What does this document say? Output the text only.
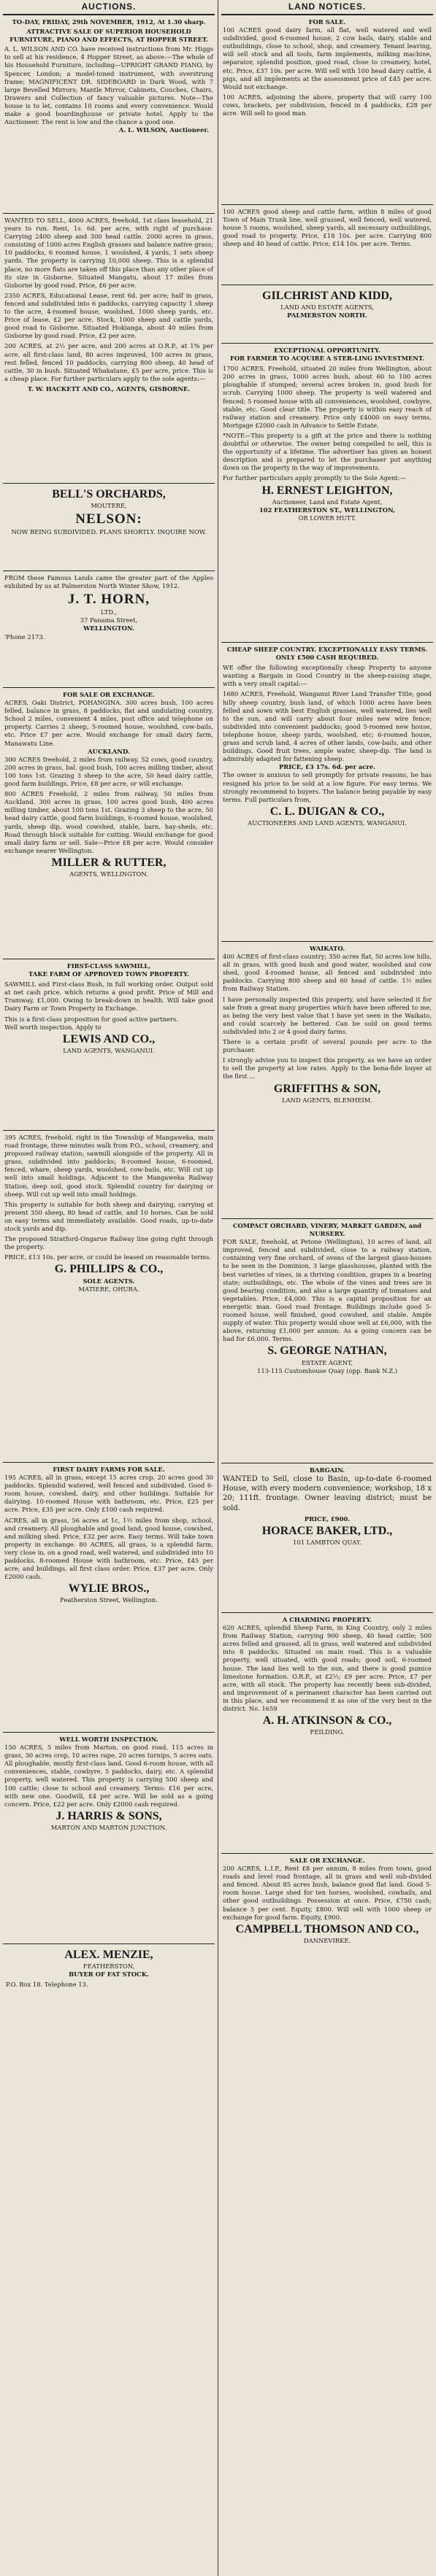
AUCTIONS.

TO-DAY, FRIDAY, 29th NOVEMBER, 1912, At 1.30 sharp.

ATTRACTIVE SALE OF SUPERIOR HOUSEHOLD FURNITURE, PIANO AND EFFECTS, AT HOPPER STREET.

A. L. WILSON AND CO. have received instructions from Mr. Higgs to sell at his residence, 4 Hopper Street, as above:—The whole of his Household Furniture, including—UPRIGHT GRAND PIANO, by Spencer, London; a model-toned instrument, with overstrung frame; MAGNIFICENT DR. SIDEBOARD in Dark Wood, with 7 large Bevelled Mirrors; Mantle Mirror, Cabinets, Couches, Chairs, Drawers and Collection of fancy valuable pictures. Note—The house is to let, contains 10 rooms and every convenience. Would make a good boardinghouse or private hotel. Apply to the Auctioneer. The rent is low and the chance a good one.

A. L. WILSON, Auctioneer.

WANTED TO SELL, 4000 ACRES, freehold, 1st class leasehold, 21 years to run. Rent, 1s. 6d. per acre, with right of purchase. Carrying 2400 sheep and 300 head cattle. 2000 acres in grass, consisting of 1000 acres English grasses and balance native grass; 10 paddocks, 6 roomed house, 1 woolshed, 4 yards, 1 sets sheep yards. The property is carrying 10,000 sheep. This is a splendid place, no more flats are taken off this place than any other place of its size in Gisborne. Situated Mangatu, about 17 miles from Gisborne by good road. Price, £6 per acre.

2350 ACRES, Educational Lease, rent 6d. per acre; half in grass, fenced and subdivided into 6 paddocks, carrying capacity 1 sheep to the acre, 4-roomed house, woolshed, 1000 sheep yards, etc. Price of lease, £2 per acre. Stock, 1000 sheep and cattle yards, good road to Gisborne. Situated Hokianga, about 40 miles from Gisborne by good road. Price, £2 per acre.

200 ACRES, at 2½ per acre, and 200 acres at O.R.P., at 1% per acre, all first-class land, 80 acres improved, 100 acres in grass, rest felled, fenced 10 paddocks, carrying 800 sheep, 40 head of cattle, 30 in bush. Situated Whakatane, £5 per acre, price. This is a cheap place. For further particulars apply to the sole agents:—

T. W. HACKETT AND CO., AGENTS, GISBORNE.

BELL'S ORCHARDS,

MOUTERE,

NELSON:

NOW BEING SUBDIVIDED. PLANS SHORTLY. INQUIRE NOW.

FROM these Famous Lands came the greater part of the Apples exhibited by us at Palmerston North Winter Show, 1912.

J. T. HORN,

LTD.,

37 Panama Street,

WELLINGTON.

'Phone 2173.

FOR SALE OR EXCHANGE.

ACRES, Oaki District, POHANGINA. 300 acres bush, 100 acres felled, balance in grass, 8 paddocks, flat and undulating country. School 2 miles, convenient 4 miles, post office and telephone on property. Carries 2 sheep, 5-roomed house, woolshed, cow-bails, etc. Price £7 per acre. Would exchange for small dairy farm, Manawatu Line.

AUCKLAND.

300 ACRES freehold, 2 miles from railway, 52 cows, good country, 200 acres in grass, bal. good bush, 100 acres milling timber, about 100 tons 1st. Grazing 3 sheep to the acre, 50 head dairy cattle, good farm buildings. Price, £8 per acre, or will exchange.

800 ACRES Freehold, 2 miles from railway, 50 miles from Auckland. 300 acres in grass, 100 acres good bush, 400 acres milling timber, about 100 tons 1st. Grazing 3 sheep to the acre, 50 head dairy cattle, good farm buildings, 6-roomed house, woolshed, yards, sheep dip, wood cowshed, stable, barn, hay-sheds, etc. Road through block suitable for cutting. Would exchange for good small dairy farm or sell. Sale—Price £8 per acre. Would consider exchange nearer Wellington.

MILLER & RUTTER,

AGENTS, WELLINGTON.

FIRST-CLASS SAWMILL,

TAKE FARM OF APPROVED TOWN PROPERTY.

SAWMILL and First-class Bush, in full working order. Output sold at net cash price, which returns a good profit. Price of Mill and Tramway, £1,000. Owing to break-down in health. Will take good Dairy Farm or Town Property in Exchange.

This is a first-class proposition for good active partners.

Well worth inspection. Apply to

LEWIS AND CO.,

LAND AGENTS, WANGANUI.

395 ACRES, freehold, right in the Township of Mangaweka, main road frontage, three minutes walk from P.O., school, creamery, and proposed railway station; sawmill alongside of the property. All in grass, subdivided into paddocks; 8-roomed house, 6-roomed, fenced, whare, sheep yards, woolshed, cow-bails, etc. Will cut up well into small holdings. Adjacent to the Mangaweka Railway Station, deep soil, good stock. Splendid country for dairying or sheep. Will cut up well into small holdings.

This property is suitable for both sheep and dairying, carrying at present 350 sheep, 80 head of cattle, and 10 horses. Can be sold on easy terms and immediately available. Good roads, up-to-date stock yards and dip.

The proposed Stratford-Ongarue Railway line going right through the property.

PRICE, £13 10s. per acre, or could be leased on reasonable terms.

G. PHILLIPS & CO.,

SOLE AGENTS.

MATIERE, OHURA.

FIRST DAIRY FARMS FOR SALE.

195 ACRES, all in grass, except 15 acres crop, 20 acres good 30 paddocks. Splendid watered, well fenced and subdivided. Good 6-room house, cowshed, dairy, and other buildings. Suitable for dairying. 10-roomed House with bathroom, etc. Price, £25 per acre. Price, £35 per acre. Only £100 cash required.

ACRES, all in grass, 56 acres at 1c, 1½ miles from shop, school, and creamery. All ploughable and good land, good house, cowshed, and milking shed. Price, £32 per acre. Easy terms. Will take town property in exchange. 80 ACRES, all grass, is a splendid farm, very close in, on a good road, well watered, and subdivided into 10 paddocks. 8-roomed House with bathroom, etc. Price, £45 per acre; and buildings, all first class order. Price, £37 per acre. Only £2000 cash.

WYLIE BROS.,

Featherston Street, Wellington.

WELL WORTH INSPECTION.

150 ACRES, 5 miles from Marton, on good road, 115 acres in grass, 30 acres crop, 10 acres rape, 20 acres turnips, 5 acres oats. All ploughable, mostly first-class land. Good 6-room house, with all conveniences, stable, cowbyre, 5 paddocks, dairy, etc. A splendid property, well watered. This property is carrying 500 sheep and 100 cattle; close to school and creamery. Terms: £16 per acre, with new one. Goodwill, £4 per acre. Will be sold as a going concern. Price, £22 per acre. Only £2000 cash required.

J. HARRIS & SONS,

MARTON AND MARTON JUNCTION.

ALEX. MENZIE,

FEATHERSTON,

BUYER OF FAT STOCK.

P.O. Box 18. Telephone 13.

LAND NOTICES.

FOR SALE.

100 ACRES good dairy farm, all flat, well watered and well subdivided, good 6-roomed house, 2 cow bails, dairy, stable and outbuildings, close to school, shop, and creamery. Tenant leaving, will sell stock and all tools, farm implements, milking machine, separator, splendid position, good road, close to creamery, hotel, etc. Price, £37 10s. per acre. Will sell with 100 head dairy cattle, 4 pigs, and all implements at the assessment price of £45 per acre. Would not exchange.

100 ACRES, adjoining the above, property that will carry 100 cows, brackets, per subdivision, fenced in 4 paddocks, £28 per acre. Will sell to good man.

100 ACRES good sheep and cattle farm, within 8 miles of good Town of Main Trunk line, well grassed, well fenced, well watered, house 5 rooms, woolshed, sheep yards, all necessary outbuildings, good road to property. Price, £18 10s. per acre. Carrying 800 sheep and 40 head of cattle. Price, £14 10s. per acre. Terms.

GILCHRIST AND KIDD,

LAND AND ESTATE AGENTS,

PALMERSTON NORTH.

EXCEPTIONAL OPPORTUNITY.

FOR FARMER TO ACQUIRE A STER-LING INVESTMENT.

1700 ACRES, Freehold, situated 20 miles from Wellington, about 200 acres in grass, 1000 acres bush, about 60 to 100 acres ploughable if stumped; several acres broken in, good bush for scrub. Carrying 1000 sheep. The property is well watered and fenced; 5 roomed house with all conveniences, woolshed, cowbyre, stable, etc. Good clear title. The property is within easy reach of railway station and creamery. Price only £4000 on easy terms. Mortgage £2000 cash in Advance to Settle Estate.

*NOTE—This property is a gift at the price and there is nothing doubtful or otherwise. The owner being compelled to sell, this is the opportunity of a lifetime. The advertiser has given an honest description and is prepared to let the purchaser put anything down on the property in the way of improvements.

For further particulars apply promptly to the Sole Agent:—

H. ERNEST LEIGHTON,

Auctioneer, Land and Estate Agent,

102 FEATHERSTON ST., WELLINGTON,

OR LOWER HUTT.

CHEAP SHEEP COUNTRY. EXCEPTIONALLY EASY TERMS. ONLY £500 CASH REQUIRED.

WE offer the following exceptionally cheap Property to anyone wanting a Bargain in Good Country in the sheep-raising stage, with a very small capital:—

1680 ACRES, Freehold, Wanganui River Land Transfer Title; good hilly sheep country, bush land, of which 1000 acres have been felled and sown with best English grasses, well watered, lies well to the sun, and will carry about four miles new wire fence; subdivided into convenient paddocks; good 5-roomed new house, telephone house, sheep yards, woolshed, etc; 6-roomed house, grass and scrub land, 4 acres of other lands, cow-bails, and other buildings. Good fruit trees, ample water, sheep-dip. The land is admirably adapted for fattening sheep.

PRICE, £3 17s. 6d. per acre.

The owner is anxious to sell promptly for private reasons, he has resigned his price to be sold at a low figure. For easy terms. We strongly recommend to buyers. The balance being payable by easy terms. Full particulars from,

C. L. DUIGAN & CO.,

AUCTIONEERS AND LAND AGENTS, WANGANUI.

WAIKATO.

400 ACRES of first-class country; 350 acres flat, 50 acres low hills, all in grass, with good bush and good water, woolshed and cow shed, good 4-roomed house, all fenced and subdivided into paddocks. Carrying 800 sheep and 60 head of cattle. 1½ miles from Railway Station.

I have personally inspected this property, and have selected it for sale from a great many properties which have been offered to me, as being the very best value that I have yet seen in the Waikato, and could scarcely be bettered. Can be sold on good terms subdivided into 2 or 4 good dairy farms.

There is a certain profit of several pounds per acre to the purchaser.

I strongly advise you to inspect this property, as we have an order to sell the property at low rates. Apply to the bona-fide buyer at the first ...

GRIFFITHS & SON,

LAND AGENTS, BLENHEIM.

COMPACT ORCHARD, VINERY, MARKET GARDEN, and NURSERY.

FOR SALE, freehold, at Petone (Wellington), 10 acres of land, all improved, fenced and subdivided, close to a railway station, containing very fine orchard, of ovens of the largest glass-houses to be seen in the Dominion, 3 large glasshouses, planted with the best varieties of vines, in a thriving condition, grapes in a bearing state; outbuildings, etc. The whole of the vines and trees are in good bearing condition, and also a large quantity of tomatoes and vegetables. Price, £4,000. This is a capital proposition for an energetic man. Good road frontage. Buildings include good 5-roomed house, well finished, good cowshed, and stable. Ample supply of water. This property would show well at £6,000, with the above, returning £1,000 per annum. As a going concern can be had for £6,000. Terms.

S. GEORGE NATHAN,

ESTATE AGENT,

113-115 Customhouse Quay (opp. Bank N.Z.)

BARGAIN.

WANTED to Sell, close to Basin, up-to-date 6-roomed House, with every modern convenience; workshop, 18 x 20; 111ft. frontage. Owner leaving district; must be sold.

PRICE, £900.

HORACE BAKER, LTD.,

101 LAMBTON QUAY.

A CHARMING PROPERTY.

620 ACRES, splendid Sheep Farm, in King Country, only 2 miles from Railway Station, carrying 900 sheep, 40 head cattle; 500 acres felled and grassed, all in grass, well watered and subdivided into 8 paddocks. Situated on main road. This is a valuable property, well situated, with good roads; good soil, 6-roomed house. The land lies well to the sun, and there is good pumice limestone formation. O.R.P., at £2½; £9 per acre. Price, £7 per acre, with all stock. The property has recently been sub-divided, and improvement of a permanent character has been carried out in this place, and we recommend it as one of the very best in the district. No. 1659

A. H. ATKINSON & CO.,

FEILDING.

SALE OR EXCHANGE.

200 ACRES, L.I.P., Rent £8 per annum, 8 miles from town, good roads and level road frontage, all in grass and well sub-divided and fenced. About 85 acres bush, balance good flat land. Good 5-room house. Large shed for ten horses, woolshed, cowbails, and other good outbuildings. Possession at once. Price, £750 cash; balance 5 per cent. Equity, £800. Will sell with 1000 sheep or exchange for good farm. Equity, £900.

CAMPBELL THOMSON AND CO.,

DANNEVIRKE.
